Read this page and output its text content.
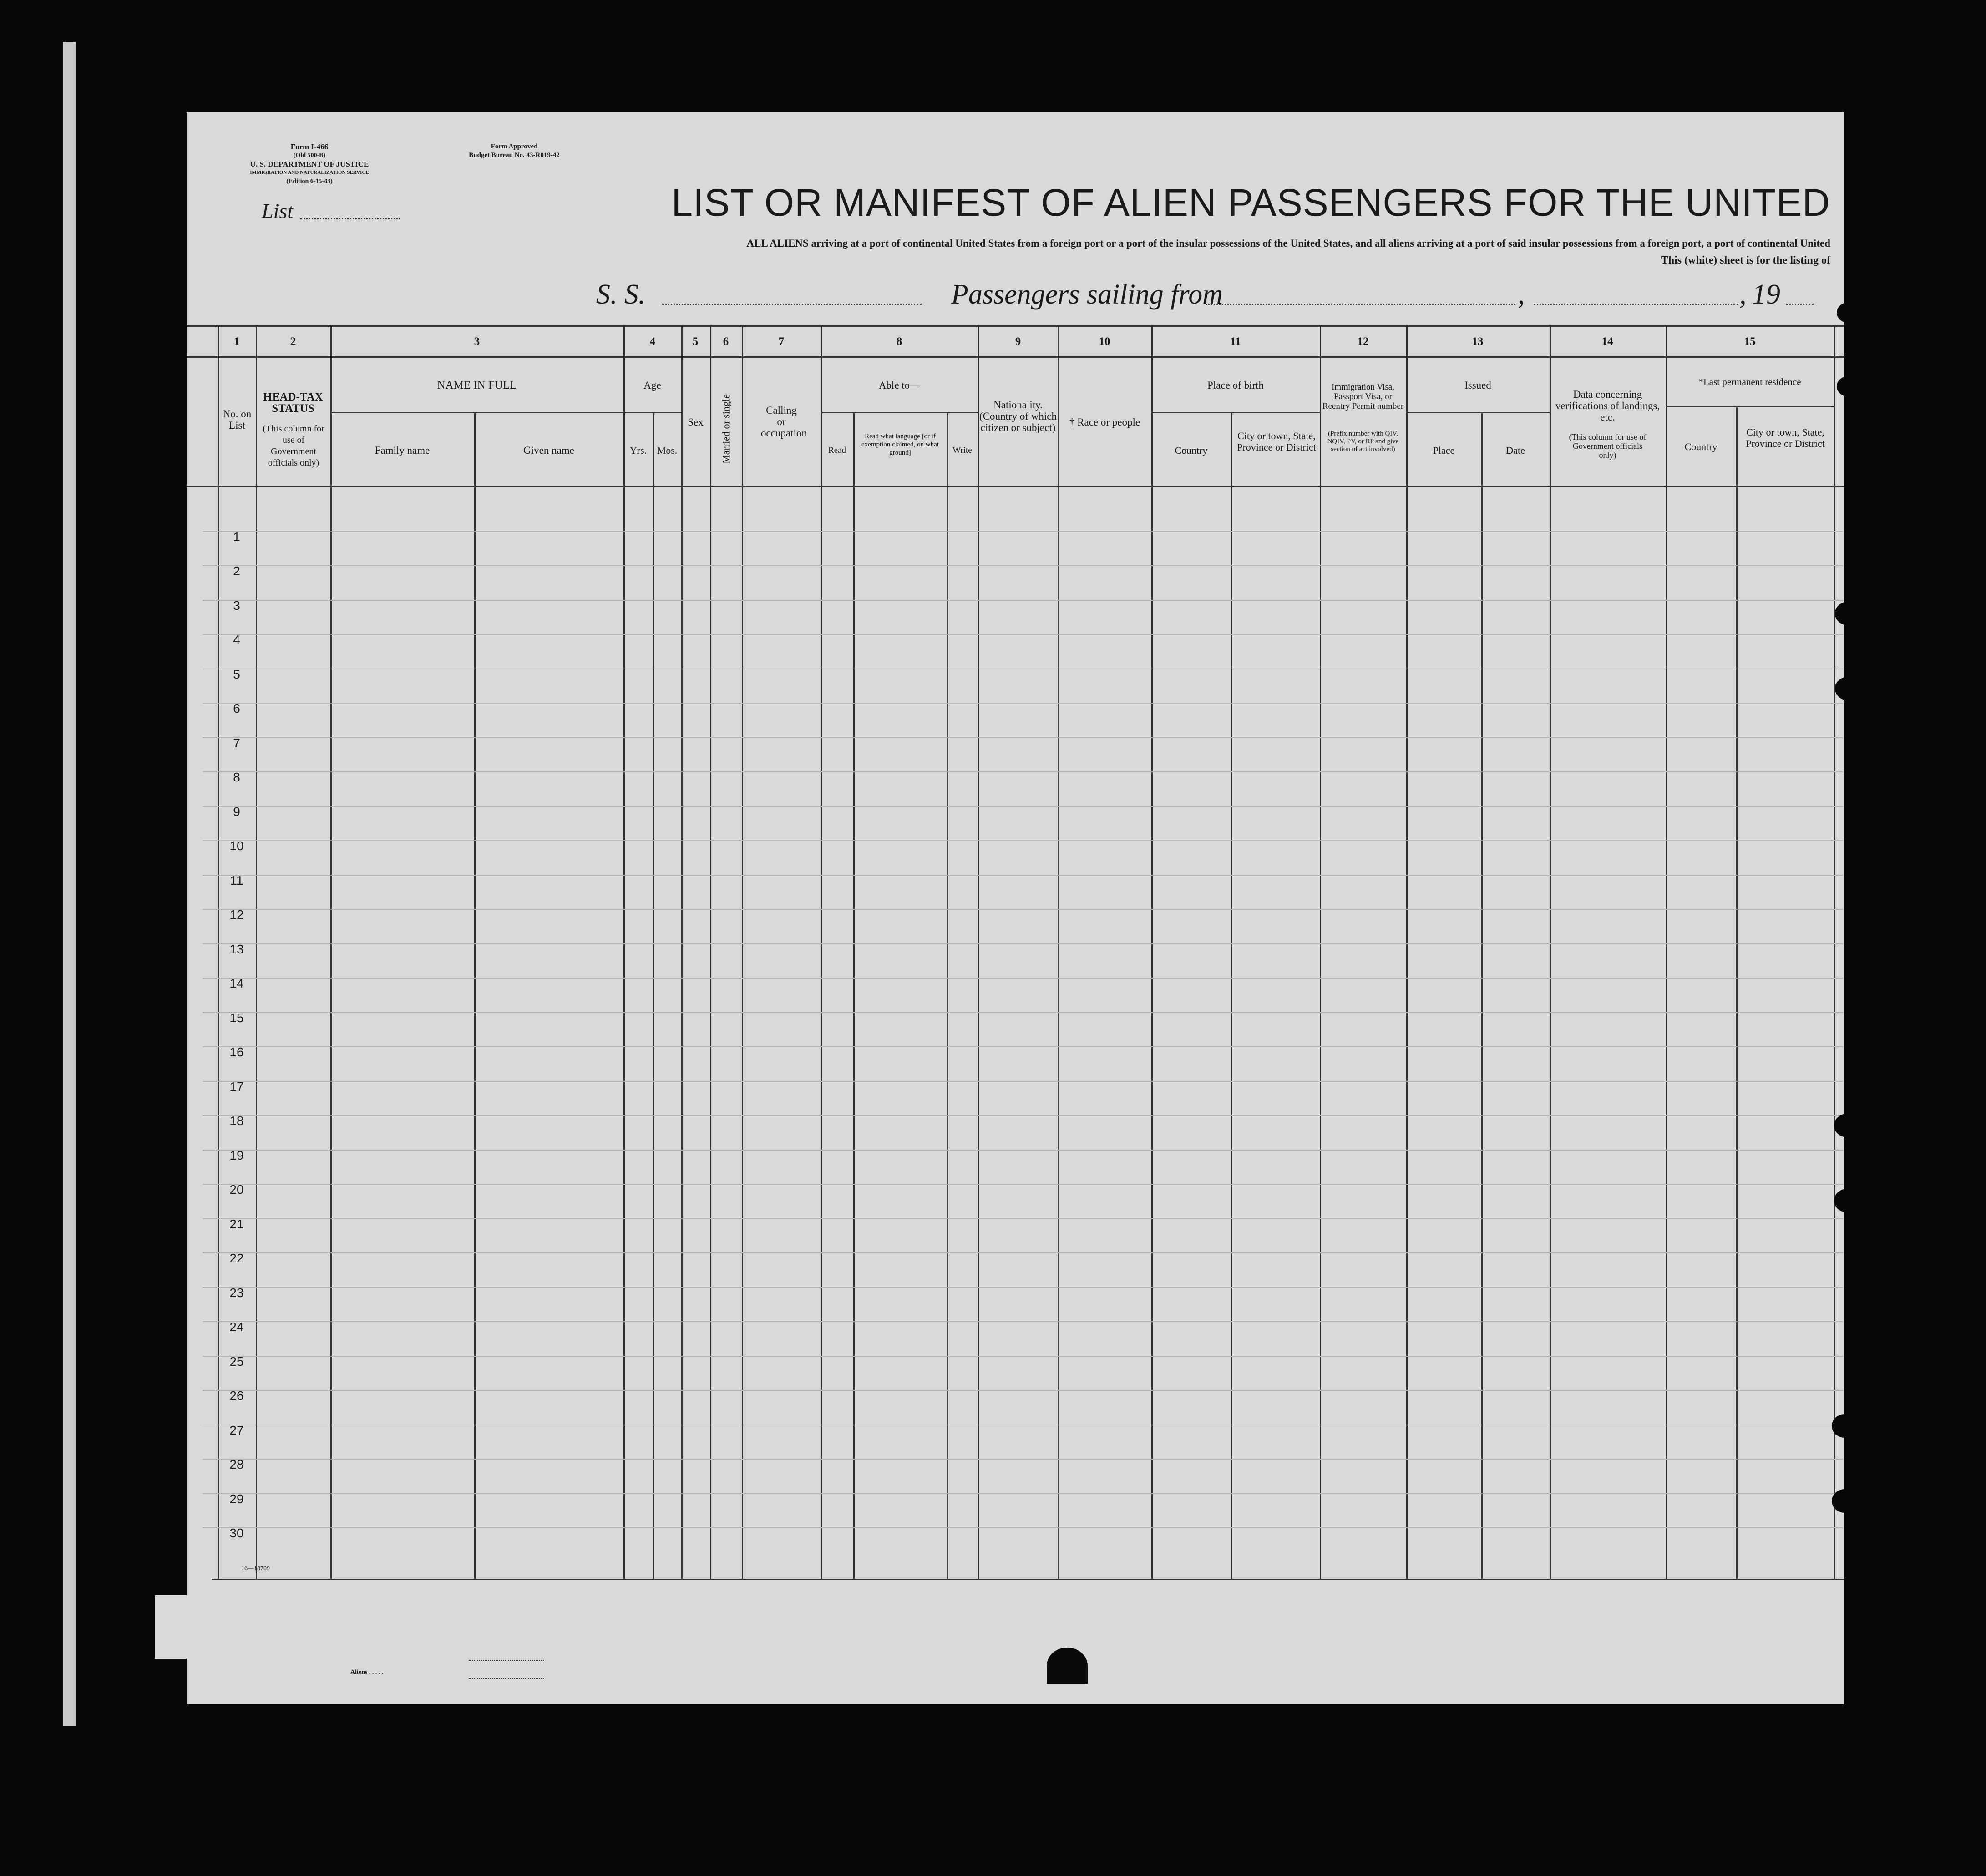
Form I-466
(Old 500-B)
U. S. DEPARTMENT OF JUSTICE
IMMIGRATION AND NATURALIZATION SERVICE
(Edition 6-15-43)
Form Approved
Budget Bureau No. 43-R019-42
List	LIST OR MANIFEST OF ALIEN PASSENGERS FOR THE UNITED
ALL ALIENS arriving at a port of continental United States from a foreign port or a port of the insular possessions of the United States, and all aliens arriving at a port of said insular possessions from a foreign port, a port of continental United
This (white) sheet is for the listing of
S. S.	Passengers sailing from	,	, 19
1	2	3	4	5	6	7	8	9	10	11	12	13	14	15
No. on List
HEAD-TAX STATUS
(This column for use of Government officials only)
NAME IN FULL
Family name	Given name
Age
Yrs.	Mos.
Sex	Married or single	Calling or occupation
Able to—
Read
Read what language [or if exemption claimed, on what ground]	Write
Nationality. (Country of which citizen or subject)	† Race or people
Place of birth
Country
City or town, State, Province or District
Immigration Visa, Passport Visa, or Reentry Permit number
(Prefix number with QIV, NQIV, PV, or RP and give section of act involved)
Issued
Place	Date
Data concerning verifications of landings, etc.
(This column for use of Government officials only)
*Last permanent residence
Country
City or town, State, Province or District
1
2
3
4
5
6
7
8
9
10
11
12
13
14
15
16
17
18
19
20
21
22
23
24
25
26
27
28
29
30
16—18709
Aliens . . . . .
